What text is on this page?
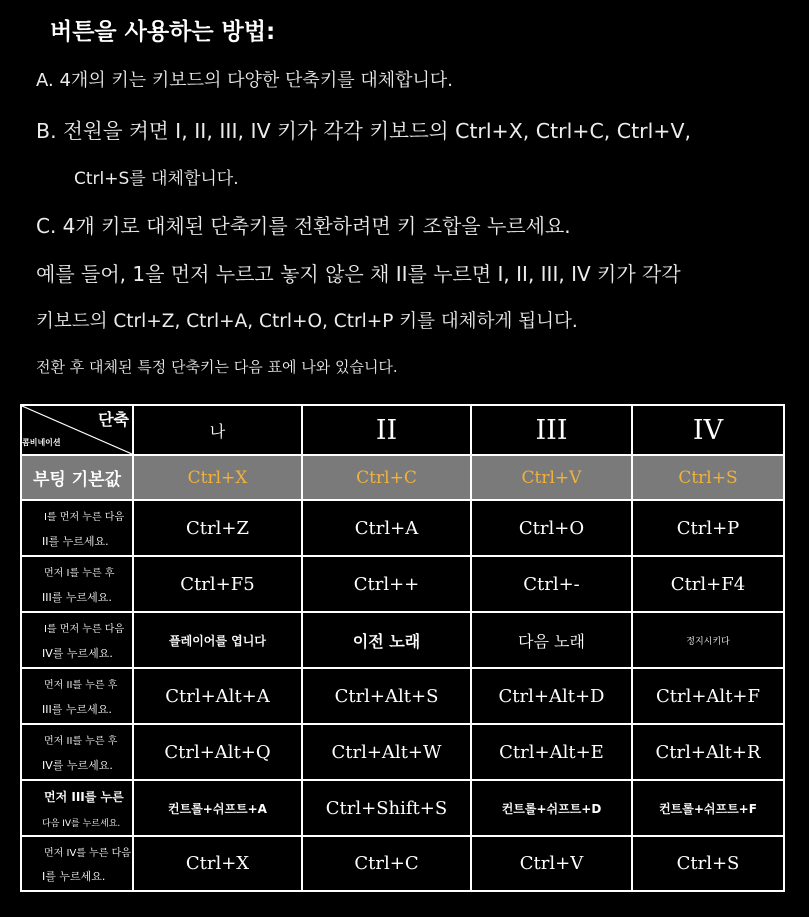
버튼을 사용하는 방법:
A. 4개의 키는 키보드의 다양한 단축키를 대체합니다.
B. 전원을 켜면 I, II, III, IV 키가 각각 키보드의 Ctrl+X, Ctrl+C, Ctrl+V,
Ctrl+S를 대체합니다.
C. 4개 키로 대체된 단축키를 전환하려면 키 조합을 누르세요.
예를 들어, 1을 먼저 누르고 놓지 않은 채 II를 누르면 I, II, III, IV 키가 각각
키보드의 Ctrl+Z, Ctrl+A, Ctrl+O, Ctrl+P 키를 대체하게 됩니다.
전환 후 대체된 특정 단축키는 다음 표에 나와 있습니다.
단축
콤비네이션	나	II	III	IV
부팅 기본값	Ctrl+X	Ctrl+C	Ctrl+V	Ctrl+S

I를 먼저 누른 다음
II를 누르세요.	Ctrl+Z	Ctrl+A	Ctrl+O	Ctrl+P

먼저 I를 누른 후
III를 누르세요.	Ctrl+F5	Ctrl++	Ctrl+-	Ctrl+F4

I를 먼저 누른 다음
IV를 누르세요.	플레이어를 엽니다	이전 노래	다음 노래	정지시키다

먼저 II를 누른 후
III를 누르세요.	Ctrl+Alt+A	Ctrl+Alt+S	Ctrl+Alt+D	Ctrl+Alt+F

먼저 II를 누른 후
IV를 누르세요.	Ctrl+Alt+Q	Ctrl+Alt+W	Ctrl+Alt+E	Ctrl+Alt+R

먼저 III를 누른
다음 IV를 누르세요.	컨트롤+쉬프트+A	Ctrl+Shift+S	컨트롤+쉬프트+D	컨트롤+쉬프트+F

먼저 IV를 누른 다음
I를 누르세요.	Ctrl+X	Ctrl+C	Ctrl+V	Ctrl+S
